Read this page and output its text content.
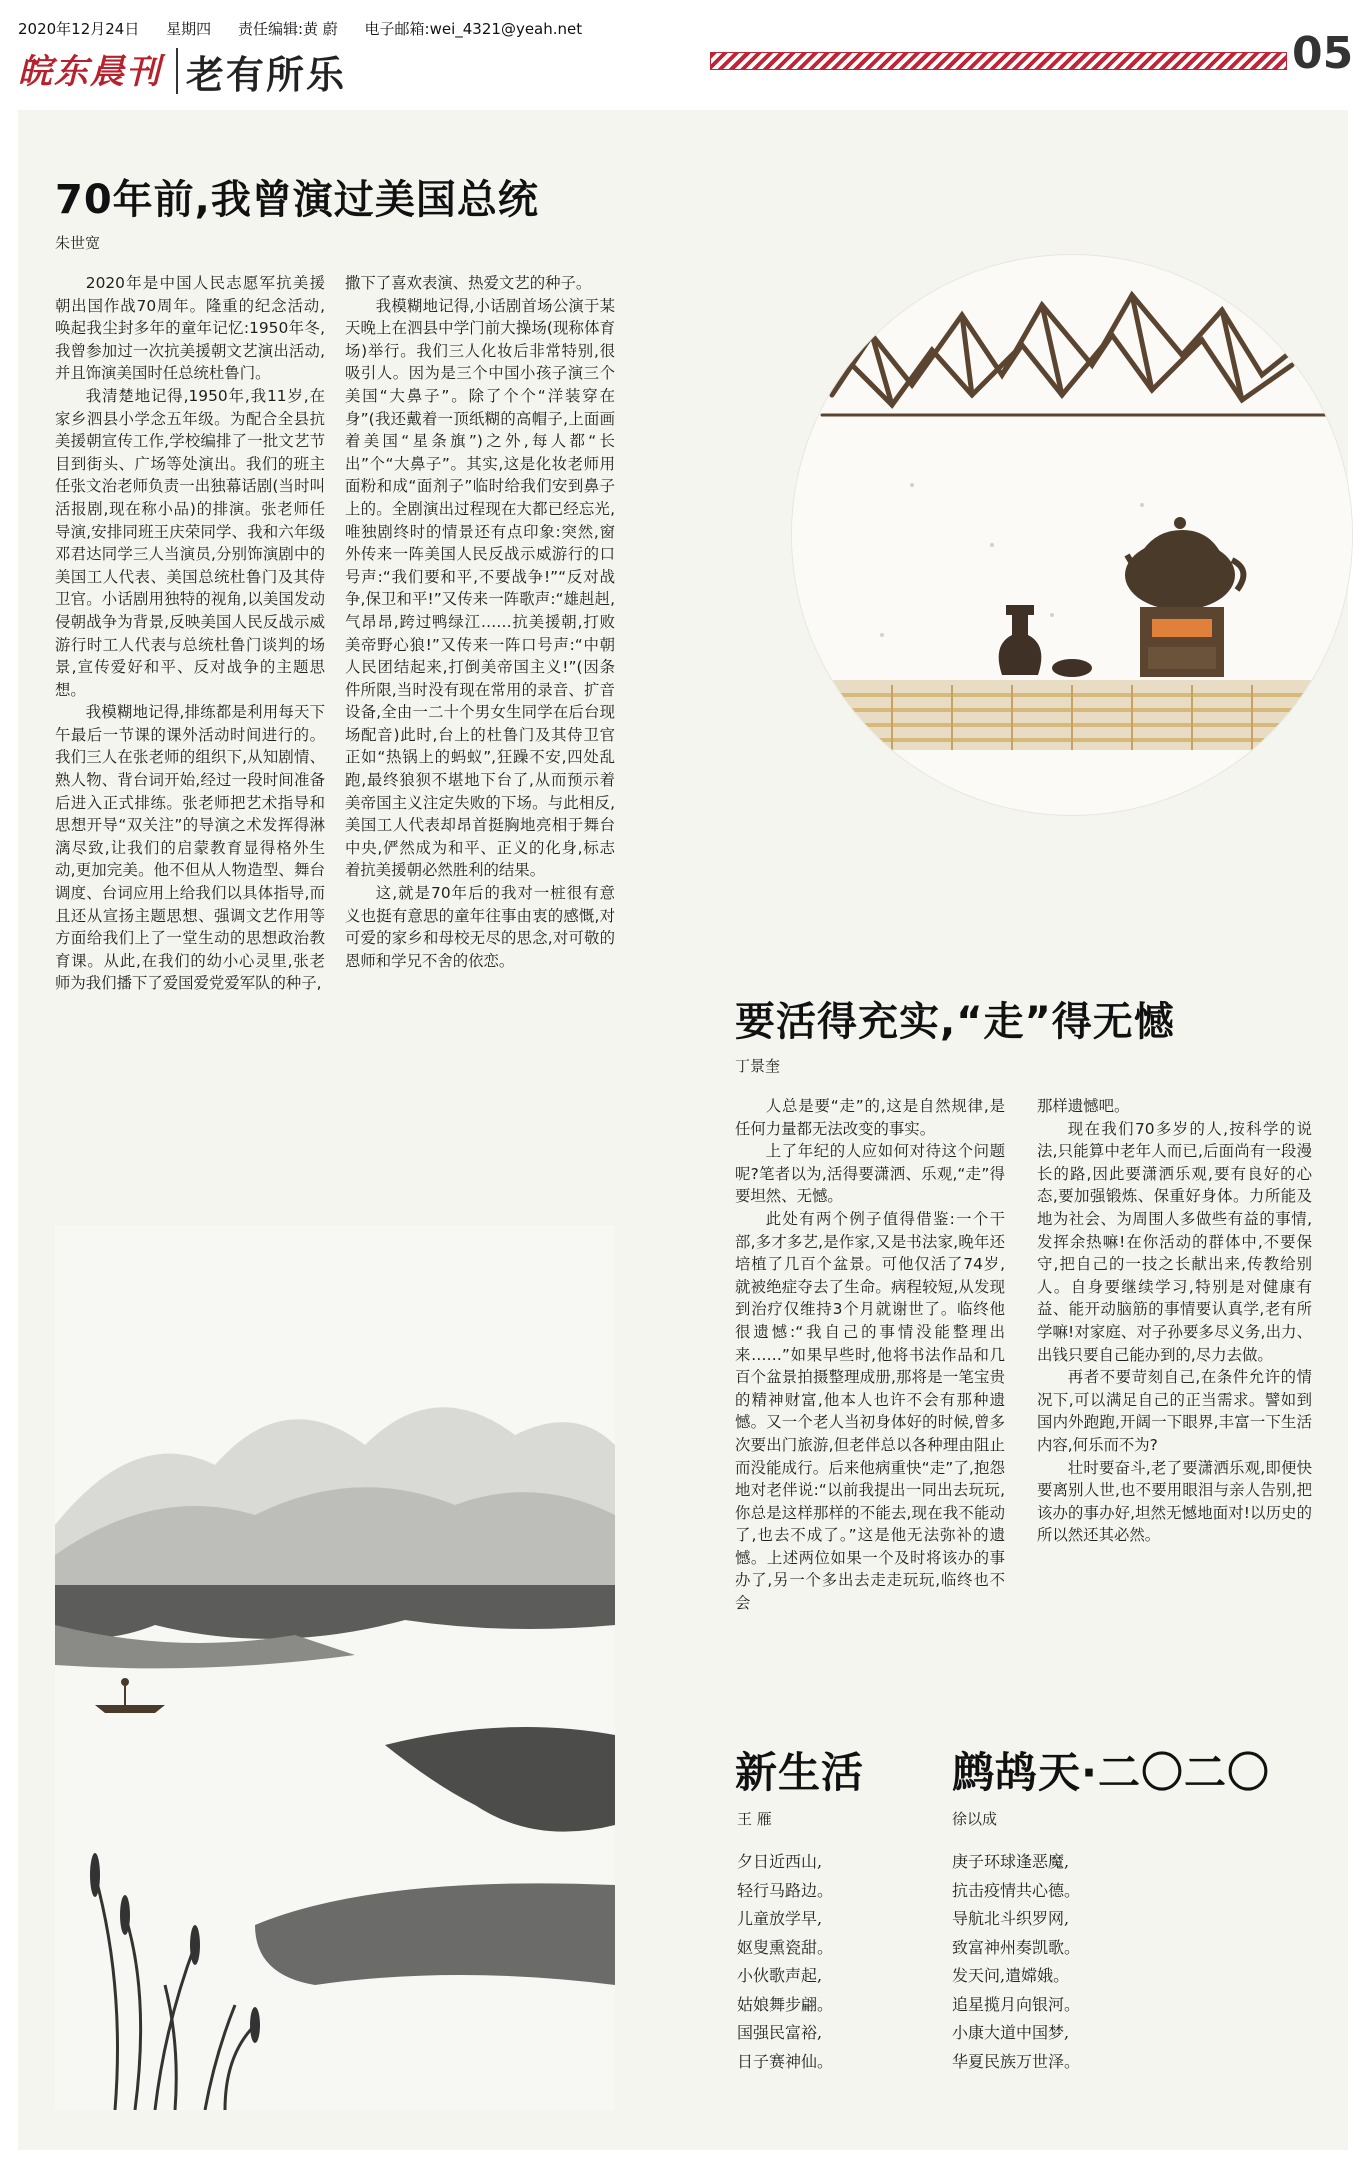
2020年12月24日 星期四 责任编辑:黄 蔚 电子邮箱:wei_4321@yeah.net
皖东晨刊 老有所乐	05
70年前,我曾演过美国总统
朱世宽

2020年是中国人民志愿军抗美援朝出国作战70周年。隆重的纪念活动,唤起我尘封多年的童年记忆:1950年冬,我曾参加过一次抗美援朝文艺演出活动,并且饰演美国时任总统杜鲁门。

我清楚地记得,1950年,我11岁,在家乡泗县小学念五年级。为配合全县抗美援朝宣传工作,学校编排了一批文艺节目到街头、广场等处演出。我们的班主任张文治老师负责一出独幕话剧(当时叫活报剧,现在称小品)的排演。张老师任导演,安排同班王庆荣同学、我和六年级邓君达同学三人当演员,分别饰演剧中的美国工人代表、美国总统杜鲁门及其侍卫官。小话剧用独特的视角,以美国发动侵朝战争为背景,反映美国人民反战示威游行时工人代表与总统杜鲁门谈判的场景,宣传爱好和平、反对战争的主题思想。

我模糊地记得,排练都是利用每天下午最后一节课的课外活动时间进行的。我们三人在张老师的组织下,从知剧情、熟人物、背台词开始,经过一段时间准备后进入正式排练。张老师把艺术指导和思想开导“双关注”的导演之术发挥得淋漓尽致,让我们的启蒙教育显得格外生动,更加完美。他不但从人物造型、舞台调度、台词应用上给我们以具体指导,而且还从宣扬主题思想、强调文艺作用等方面给我们上了一堂生动的思想政治教育课。从此,在我们的幼小心灵里,张老师为我们播下了爱国爱党爱军队的种子,

撒下了喜欢表演、热爱文艺的种子。

我模糊地记得,小话剧首场公演于某天晚上在泗县中学门前大操场(现称体育场)举行。我们三人化妆后非常特别,很吸引人。因为是三个中国小孩子演三个美国“大鼻子”。除了个个“洋装穿在身”(我还戴着一顶纸糊的高帽子,上面画着美国“星条旗”)之外,每人都“长出”个“大鼻子”。其实,这是化妆老师用面粉和成“面剂子”临时给我们安到鼻子上的。全剧演出过程现在大都已经忘光,唯独剧终时的情景还有点印象:突然,窗外传来一阵美国人民反战示威游行的口号声:“我们要和平,不要战争!”“反对战争,保卫和平!”又传来一阵歌声:“雄赳赳,气昂昂,跨过鸭绿江……抗美援朝,打败美帝野心狼!”又传来一阵口号声:“中朝人民团结起来,打倒美帝国主义!”(因条件所限,当时没有现在常用的录音、扩音设备,全由一二十个男女生同学在后台现场配音)此时,台上的杜鲁门及其侍卫官正如“热锅上的蚂蚁”,狂躁不安,四处乱跑,最终狼狈不堪地下台了,从而预示着美帝国主义注定失败的下场。与此相反,美国工人代表却昂首挺胸地亮相于舞台中央,俨然成为和平、正义的化身,标志着抗美援朝必然胜利的结果。

这,就是70年后的我对一桩很有意义也挺有意思的童年往事由衷的感慨,对可爱的家乡和母校无尽的思念,对可敬的恩师和学兄不舍的依恋。

要活得充实,“走”得无憾
丁景奎

人总是要“走”的,这是自然规律,是任何力量都无法改变的事实。

上了年纪的人应如何对待这个问题呢?笔者以为,活得要潇洒、乐观,“走”得要坦然、无憾。

此处有两个例子值得借鉴:一个干部,多才多艺,是作家,又是书法家,晚年还培植了几百个盆景。可他仅活了74岁,就被绝症夺去了生命。病程较短,从发现到治疗仅维持3个月就谢世了。临终他很遗憾:“我自己的事情没能整理出来……”如果早些时,他将书法作品和几百个盆景拍摄整理成册,那将是一笔宝贵的精神财富,他本人也许不会有那种遗憾。又一个老人当初身体好的时候,曾多次要出门旅游,但老伴总以各种理由阻止而没能成行。后来他病重快“走”了,抱怨地对老伴说:“以前我提出一同出去玩玩,你总是这样那样的不能去,现在我不能动了,也去不成了。”这是他无法弥补的遗憾。上述两位如果一个及时将该办的事办了,另一个多出去走走玩玩,临终也不会

那样遗憾吧。

现在我们70多岁的人,按科学的说法,只能算中老年人而已,后面尚有一段漫长的路,因此要潇洒乐观,要有良好的心态,要加强锻炼、保重好身体。力所能及地为社会、为周围人多做些有益的事情,发挥余热嘛!在你活动的群体中,不要保守,把自己的一技之长献出来,传教给别人。自身要继续学习,特别是对健康有益、能开动脑筋的事情要认真学,老有所学嘛!对家庭、对子孙要多尽义务,出力、出钱只要自己能办到的,尽力去做。

再者不要苛刻自己,在条件允许的情况下,可以满足自己的正当需求。譬如到国内外跑跑,开阔一下眼界,丰富一下生活内容,何乐而不为?

壮时要奋斗,老了要潇洒乐观,即便快要离别人世,也不要用眼泪与亲人告别,把该办的事办好,坦然无憾地面对!以历史的所以然还其必然。

新生活
王 雁
夕日近西山,
轻行马路边。
儿童放学早,
妪叟熏瓷甜。
小伙歌声起,
姑娘舞步翩。
国强民富裕,
日子赛神仙。
鹧鸪天·二〇二〇
徐以成
庚子环球逢恶魔,
抗击疫情共心德。
导航北斗织罗网,
致富神州奏凯歌。
发天问,遣嫦娥。
追星揽月向银河。
小康大道中国梦,
华夏民族万世泽。
